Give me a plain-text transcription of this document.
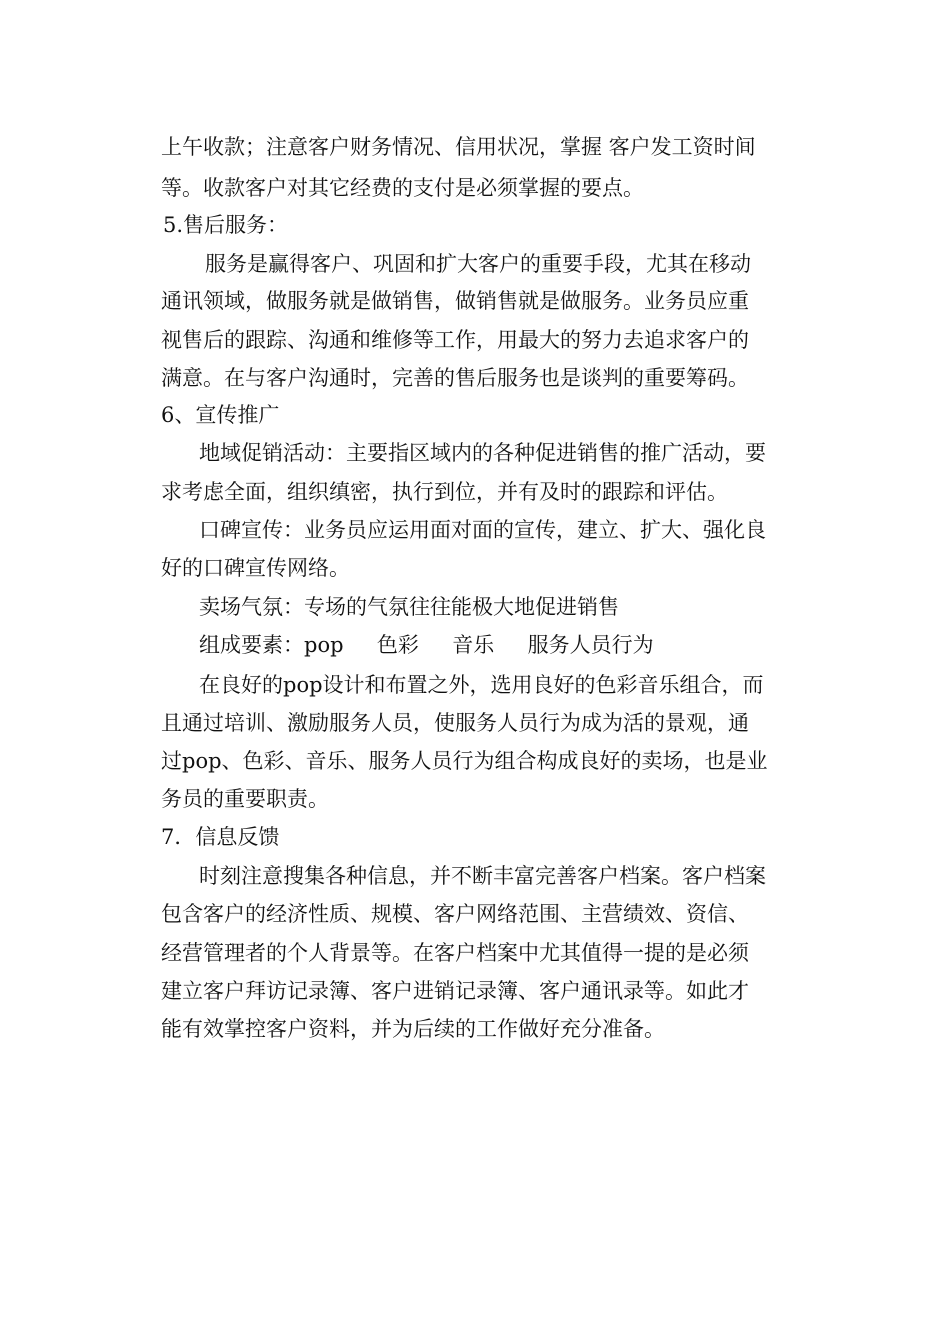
上午收款；注意客户财务情况、信用状况，掌握 客户发工资时间
等。收款客户对其它经费的支付是必须掌握的要点。
5.售后服务：
服务是赢得客户、巩固和扩大客户的重要手段，尤其在移动
通讯领域，做服务就是做销售，做销售就是做服务。业务员应重
视售后的跟踪、沟通和维修等工作，用最大的努力去追求客户的
满意。在与客户沟通时，完善的售后服务也是谈判的重要筹码。
6、宣传推广
地域促销活动：主要指区域内的各种促进销售的推广活动，要
求考虑全面，组织缜密，执行到位，并有及时的跟踪和评估。
口碑宣传：业务员应运用面对面的宣传，建立、扩大、强化良
好的口碑宣传网络。
卖场气氛：专场的气氛往往能极大地促进销售
组成要素：pop     色彩     音乐     服务人员行为
在良好的pop设计和布置之外，选用良好的色彩音乐组合，而
且通过培训、激励服务人员，使服务人员行为成为活的景观，通
过pop、色彩、音乐、服务人员行为组合构成良好的卖场，也是业
务员的重要职责。
7．信息反馈
时刻注意搜集各种信息，并不断丰富完善客户档案。客户档案
包含客户的经济性质、规模、客户网络范围、主营绩效、资信、
经营管理者的个人背景等。在客户档案中尤其值得一提的是必须
建立客户拜访记录簿、客户进销记录簿、客户通讯录等。如此才
能有效掌控客户资料，并为后续的工作做好充分准备。
